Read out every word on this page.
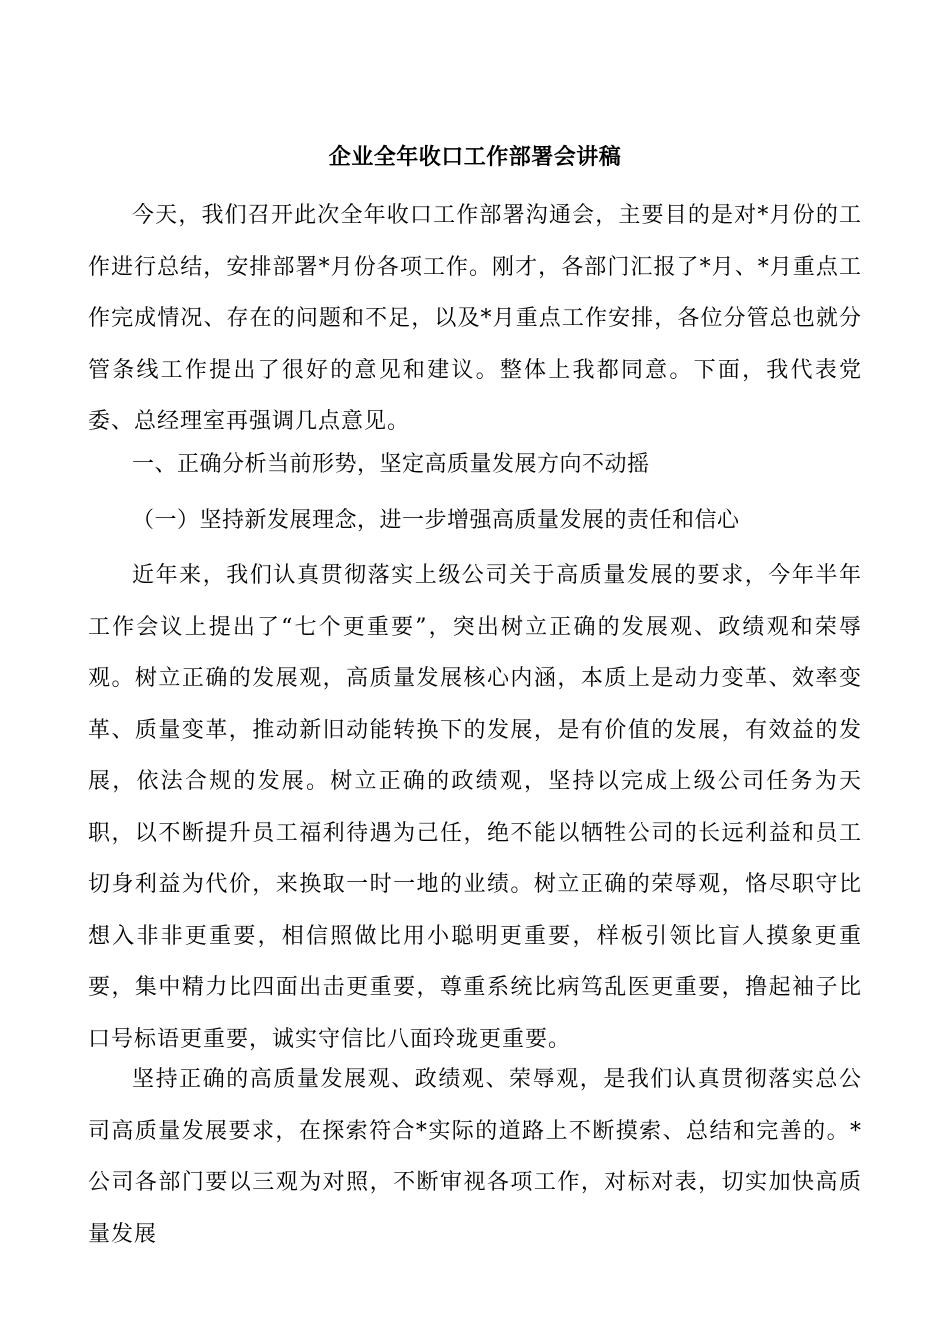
企业全年收口工作部署会讲稿

今天，我们召开此次全年收口工作部署沟通会，主要目的是对*月份的工作进行总结，安排部署*月份各项工作。刚才，各部门汇报了*月、*月重点工作完成情况、存在的问题和不足，以及*月重点工作安排，各位分管总也就分管条线工作提出了很好的意见和建议。整体上我都同意。下面，我代表党委、总经理室再强调几点意见。

一、正确分析当前形势，坚定高质量发展方向不动摇

（一）坚持新发展理念，进一步增强高质量发展的责任和信心

近年来，我们认真贯彻落实上级公司关于高质量发展的要求，今年半年工作会议上提出了“七个更重要”，突出树立正确的发展观、政绩观和荣辱观。树立正确的发展观，高质量发展核心内涵，本质上是动力变革、效率变革、质量变革，推动新旧动能转换下的发展，是有价值的发展，有效益的发展，依法合规的发展。树立正确的政绩观，坚持以完成上级公司任务为天职，以不断提升员工福利待遇为己任，绝不能以牺牲公司的长远利益和员工切身利益为代价，来换取一时一地的业绩。树立正确的荣辱观，恪尽职守比想入非非更重要，相信照做比用小聪明更重要，样板引领比盲人摸象更重要，集中精力比四面出击更重要，尊重系统比病笃乱医更重要，撸起袖子比口号标语更重要，诚实守信比八面玲珑更重要。

坚持正确的高质量发展观、政绩观、荣辱观，是我们认真贯彻落实总公司高质量发展要求，在探索符合*实际的道路上不断摸索、总结和完善的。*公司各部门要以三观为对照，不断审视各项工作，对标对表，切实加快高质量发展
